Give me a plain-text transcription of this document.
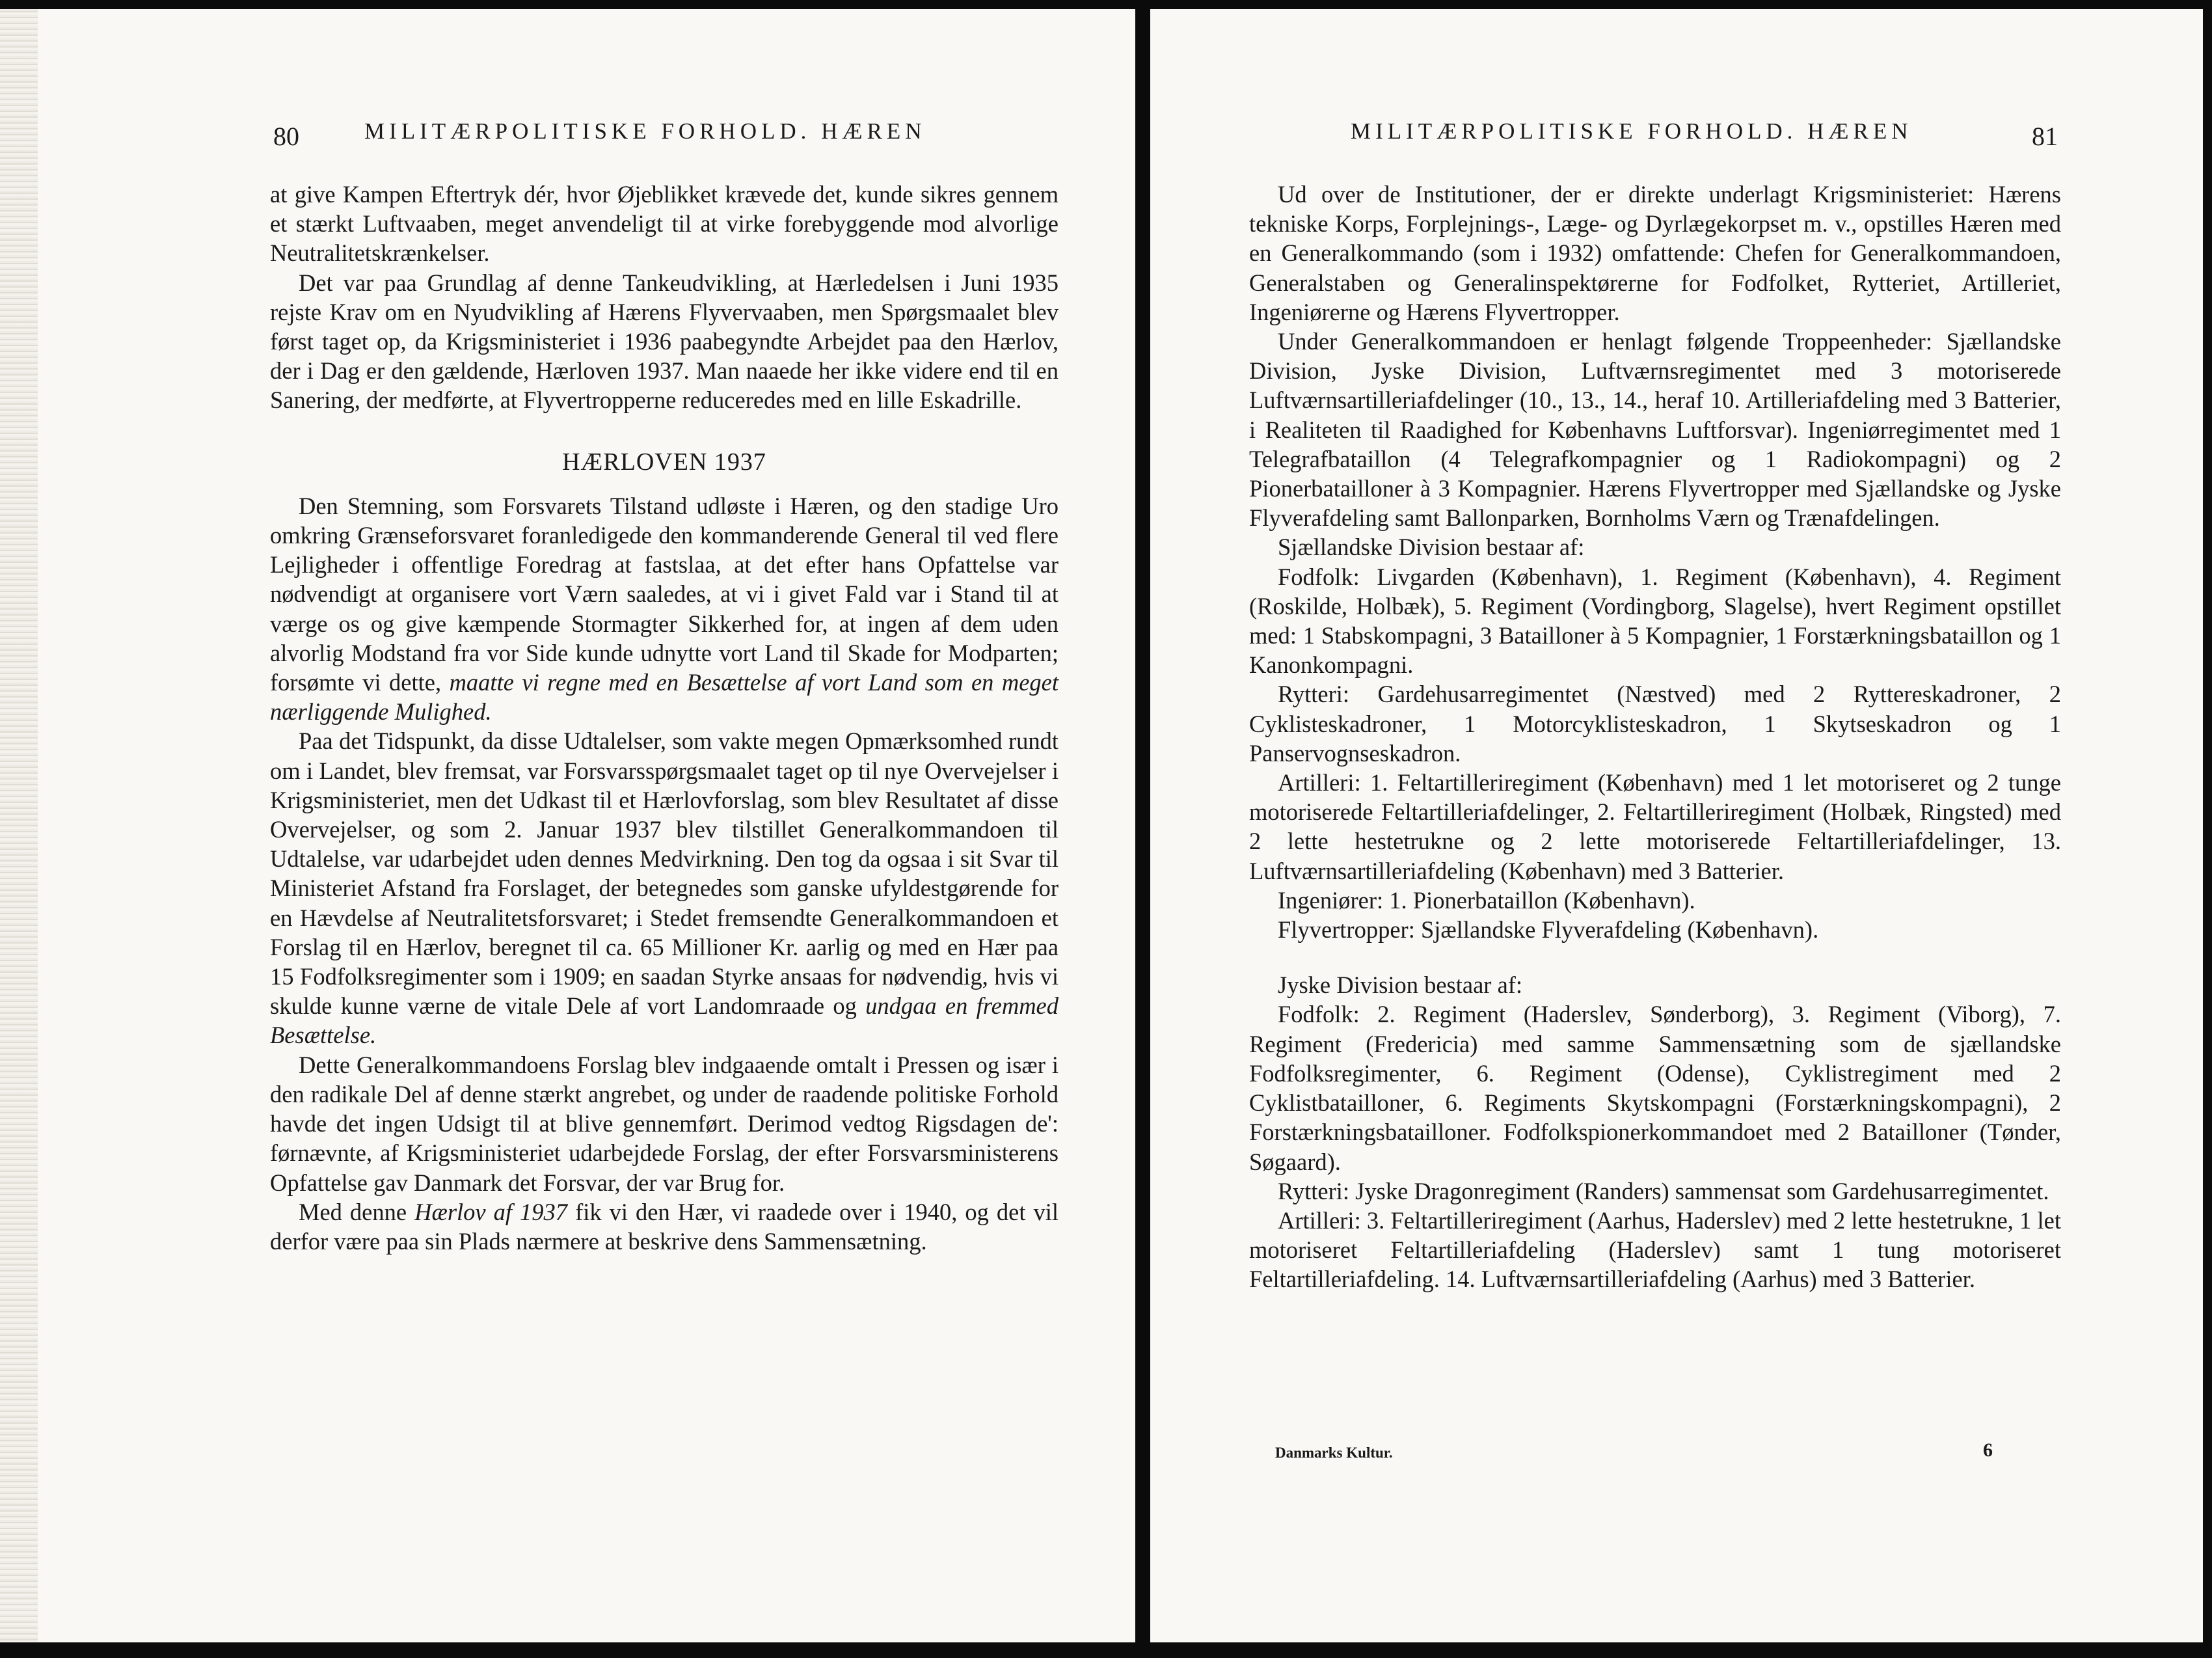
80	MILITÆRPOLITISKE FORHOLD. HÆREN

at give Kampen Eftertryk dér, hvor Øjeblikket krævede det, kunde sikres gennem et stærkt Luftvaaben, meget anvendeligt til at virke forebyggende mod alvorlige Neutralitetskrænkelser.

Det var paa Grundlag af denne Tankeudvikling, at Hærledelsen i Juni 1935 rejste Krav om en Nyudvikling af Hærens Flyvervaaben, men Spørgsmaalet blev først taget op, da Krigsministeriet i 1936 paabegyndte Arbejdet paa den Hærlov, der i Dag er den gældende, Hærloven 1937. Man naaede her ikke videre end til en Sanering, der medførte, at Flyvertropperne reduceredes med en lille Eskadrille.

HÆRLOVEN 1937

Den Stemning, som Forsvarets Tilstand udløste i Hæren, og den stadige Uro omkring Grænseforsvaret foranledigede den kommanderende General til ved flere Lejligheder i offentlige Foredrag at fastslaa, at det efter hans Opfattelse var nødvendigt at organisere vort Værn saaledes, at vi i givet Fald var i Stand til at værge os og give kæmpende Stormagter Sikkerhed for, at ingen af dem uden alvorlig Modstand fra vor Side kunde udnytte vort Land til Skade for Modparten; forsømte vi dette, maatte vi regne med en Besættelse af vort Land som en meget nærliggende Mulighed.

Paa det Tidspunkt, da disse Udtalelser, som vakte megen Opmærksomhed rundt om i Landet, blev fremsat, var Forsvarsspørgsmaalet taget op til nye Overvejelser i Krigsministeriet, men det Udkast til et Hærlovforslag, som blev Resultatet af disse Overvejelser, og som 2. Januar 1937 blev tilstillet Generalkommandoen til Udtalelse, var udarbejdet uden dennes Medvirkning. Den tog da ogsaa i sit Svar til Ministeriet Afstand fra Forslaget, der betegnedes som ganske ufyldestgørende for en Hævdelse af Neutralitetsforsvaret; i Stedet fremsendte Generalkommandoen et Forslag til en Hærlov, beregnet til ca. 65 Millioner Kr. aarlig og med en Hær paa 15 Fodfolksregimenter som i 1909; en saadan Styrke ansaas for nødvendig, hvis vi skulde kunne værne de vitale Dele af vort Landomraade og undgaa en fremmed Besættelse.

Dette Generalkommandoens Forslag blev indgaaende omtalt i Pressen og især i den radikale Del af denne stærkt angrebet, og under de raadende politiske Forhold havde det ingen Udsigt til at blive gennemført. Derimod vedtog Rigsdagen de': førnævnte, af Krigsministeriet udarbejdede Forslag, der efter Forsvarsministerens Opfattelse gav Danmark det Forsvar, der var Brug for.

Med denne Hærlov af 1937 fik vi den Hær, vi raadede over i 1940, og det vil derfor være paa sin Plads nærmere at beskrive dens Sammensætning.

MILITÆRPOLITISKE FORHOLD. HÆREN	81

Ud over de Institutioner, der er direkte underlagt Krigsministeriet: Hærens tekniske Korps, Forplejnings-, Læge- og Dyrlægekorpset m. v., opstilles Hæren med en Generalkommando (som i 1932) omfattende: Chefen for Generalkommandoen, Generalstaben og Generalinspektørerne for Fodfolket, Rytteriet, Artilleriet, Ingeniørerne og Hærens Flyvertropper.

Under Generalkommandoen er henlagt følgende Troppeenheder: Sjællandske Division, Jyske Division, Luftværnsregimentet med 3 motoriserede Luftværnsartilleriafdelinger (10., 13., 14., heraf 10. Artilleriafdeling med 3 Batterier, i Realiteten til Raadighed for Københavns Luftforsvar). Ingeniørregimentet med 1 Telegrafbataillon (4 Telegrafkompagnier og 1 Radiokompagni) og 2 Pionerbatailloner à 3 Kompagnier. Hærens Flyvertropper med Sjællandske og Jyske Flyverafdeling samt Ballonparken, Bornholms Værn og Trænafdelingen.

Sjællandske Division bestaar af:

Fodfolk: Livgarden (København), 1. Regiment (København), 4. Regiment (Roskilde, Holbæk), 5. Regiment (Vordingborg, Slagelse), hvert Regiment opstillet med: 1 Stabskompagni, 3 Batailloner à 5 Kompagnier, 1 Forstærkningsbataillon og 1 Kanonkompagni.

Rytteri: Gardehusarregimentet (Næstved) med 2 Ryttereskadroner, 2 Cyklisteskadroner, 1 Motorcyklisteskadron, 1 Skytseskadron og 1 Panservognseskadron.

Artilleri: 1. Feltartilleriregiment (København) med 1 let motoriseret og 2 tunge motoriserede Feltartilleriafdelinger, 2. Feltartilleriregiment (Holbæk, Ringsted) med 2 lette hestetrukne og 2 lette motoriserede Feltartilleriafdelinger, 13. Luftværnsartilleriafdeling (København) med 3 Batterier.

Ingeniører: 1. Pionerbataillon (København).

Flyvertropper: Sjællandske Flyverafdeling (København).

Jyske Division bestaar af:

Fodfolk: 2. Regiment (Haderslev, Sønderborg), 3. Regiment (Viborg), 7. Regiment (Fredericia) med samme Sammensætning som de sjællandske Fodfolksregimenter, 6. Regiment (Odense), Cyklistregiment med 2 Cyklistbatailloner, 6. Regiments Skytskompagni (Forstærkningskompagni), 2 Forstærkningsbatailloner. Fodfolkspionerkommandoet med 2 Batailloner (Tønder, Søgaard).

Rytteri: Jyske Dragonregiment (Randers) sammensat som Gardehusarregimentet.

Artilleri: 3. Feltartilleriregiment (Aarhus, Haderslev) med 2 lette hestetrukne, 1 let motoriseret Feltartilleriafdeling (Haderslev) samt 1 tung motoriseret Feltartilleriafdeling. 14. Luftværnsartilleriafdeling (Aarhus) med 3 Batterier.

Danmarks Kultur.	6
